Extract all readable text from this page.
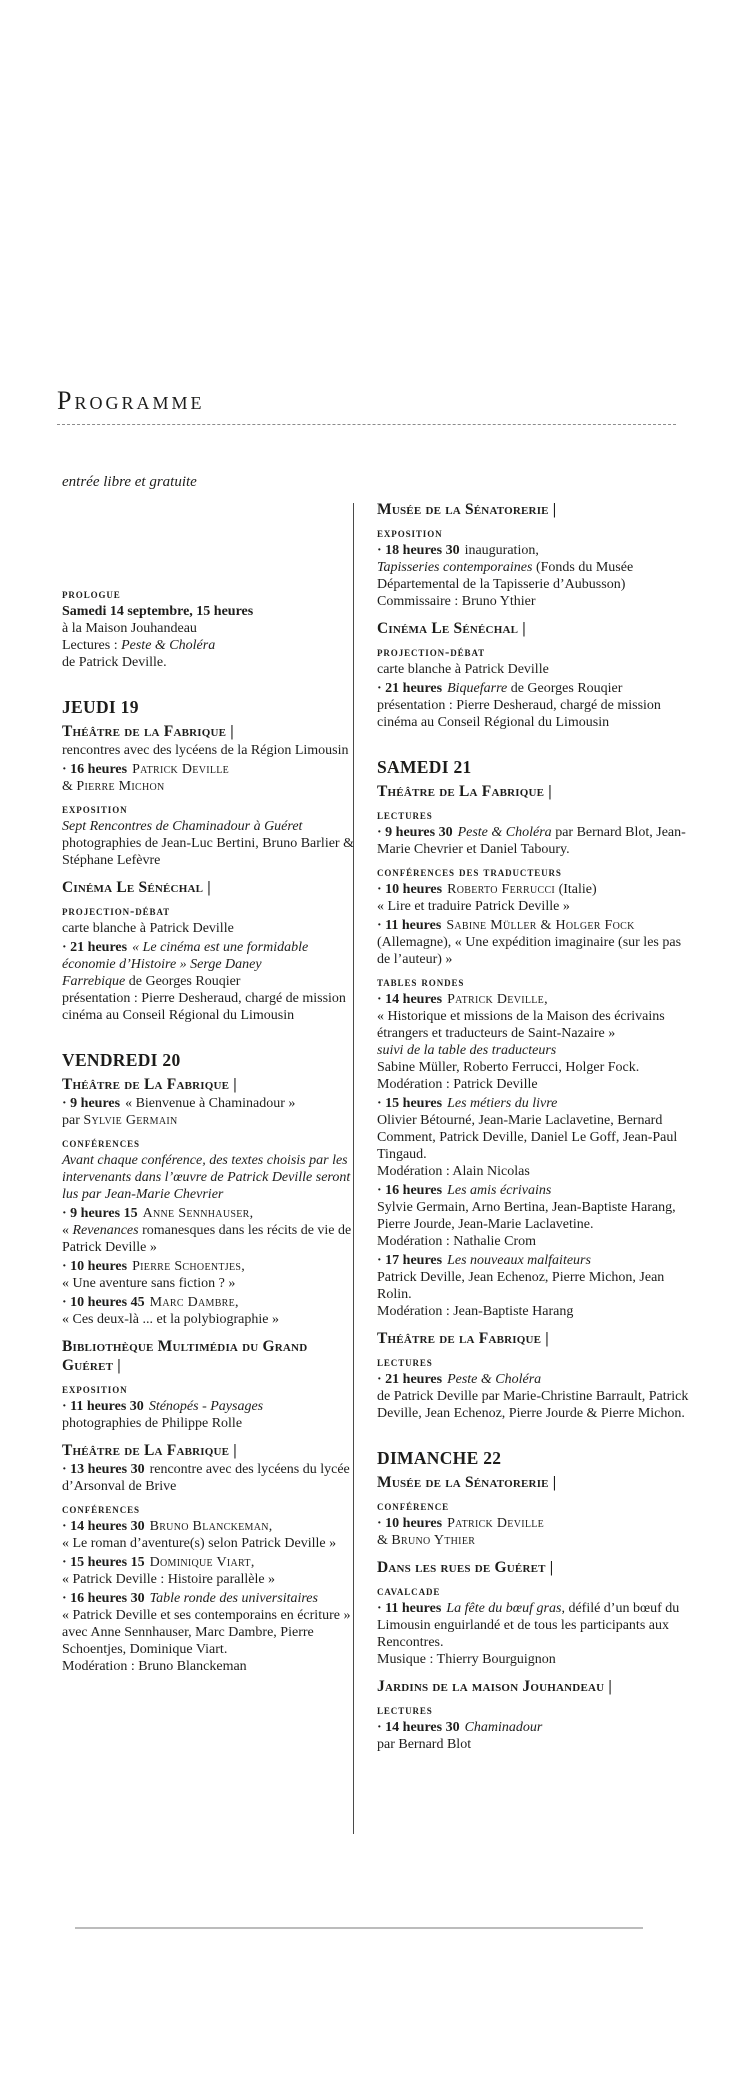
Programme
entrée libre et gratuite
prologue

Samedi 14 septembre, 15 heures
à la Maison Jouhandeau
Lectures : Peste & Choléra
de Patrick Deville.

JEUDI 19
Théâtre de la Fabrique |

rencontres avec des lycéens de la Région Limousin

· 16 heures Patrick Deville
& Pierre Michon

exposition

Sept Rencontres de Chaminadour à Guéret
photographies de Jean-Luc Bertini, Bruno Barlier & Stéphane Lefèvre

Cinéma Le Sénéchal |
projection-débat

carte blanche à Patrick Deville

· 21 heures « Le cinéma est une formidable économie d’Histoire » Serge Daney
Farrebique de Georges Rouqier
présentation : Pierre Desheraud, chargé de mission cinéma au Conseil Régional du Limousin

VENDREDI 20
Théâtre de La Fabrique |

· 9 heures « Bienvenue à Chaminadour »
par Sylvie Germain

conférences

Avant chaque conférence, des textes choisis par les intervenants dans l’œuvre de Patrick Deville seront lus par Jean-Marie Chevrier

· 9 heures 15 Anne Sennhauser,
« Revenances romanesques dans les récits de vie de Patrick Deville »

· 10 heures Pierre Schoentjes,
« Une aventure sans fiction ? »

· 10 heures 45 Marc Dambre,
« Ces deux-là ... et la polybiographie »

Bibliothèque Multimédia du Grand Guéret |
exposition

· 11 heures 30 Sténopés - Paysages
photographies de Philippe Rolle

Théâtre de La Fabrique |

· 13 heures 30 rencontre avec des lycéens du lycée d’Arsonval de Brive

conférences

· 14 heures 30 Bruno Blanckeman,
« Le roman d’aventure(s) selon Patrick Deville »

· 15 heures 15 Dominique Viart,
« Patrick Deville : Histoire parallèle »

· 16 heures 30 Table ronde des universitaires
« Patrick Deville et ses contemporains en écriture »
avec Anne Sennhauser, Marc Dambre, Pierre Schoentjes, Dominique Viart.
Modération : Bruno Blanckeman

Musée de la Sénatorerie |
exposition

· 18 heures 30 inauguration,
Tapisseries contemporaines (Fonds du Musée Départemental de la Tapisserie d’Aubusson)
Commissaire : Bruno Ythier

Cinéma Le Sénéchal |
projection-débat

carte blanche à Patrick Deville

· 21 heures Biquefarre de Georges Rouqier
présentation : Pierre Desheraud, chargé de mission cinéma au Conseil Régional du Limousin

SAMEDI 21
Théâtre de La Fabrique |
lectures

· 9 heures 30 Peste & Choléra par Bernard Blot, Jean-Marie Chevrier et Daniel Taboury.

conférences des traducteurs

· 10 heures Roberto Ferrucci (Italie)
« Lire et traduire Patrick Deville »

· 11 heures Sabine Müller & Holger Fock (Allemagne), « Une expédition imaginaire (sur les pas de l’auteur) »

tables rondes

· 14 heures Patrick Deville,
« Historique et missions de la Maison des écrivains étrangers et traducteurs de Saint-Nazaire »
suivi de la table des traducteurs
Sabine Müller, Roberto Ferrucci, Holger Fock.
Modération : Patrick Deville

· 15 heures Les métiers du livre
Olivier Bétourné, Jean-Marie Laclavetine, Bernard Comment, Patrick Deville, Daniel Le Goff, Jean-Paul Tingaud.
Modération : Alain Nicolas

· 16 heures Les amis écrivains
Sylvie Germain, Arno Bertina, Jean-Baptiste Harang, Pierre Jourde, Jean-Marie Laclavetine.
Modération : Nathalie Crom

· 17 heures Les nouveaux malfaiteurs
Patrick Deville, Jean Echenoz, Pierre Michon, Jean Rolin.
Modération : Jean-Baptiste Harang

Théâtre de la Fabrique |
lectures

· 21 heures Peste & Choléra
de Patrick Deville par Marie-Christine Barrault, Patrick Deville, Jean Echenoz, Pierre Jourde & Pierre Michon.

DIMANCHE 22
Musée de la Sénatorerie |
conférence

· 10 heures Patrick Deville
& Bruno Ythier

Dans les rues de Guéret |
cavalcade

· 11 heures La fête du bœuf gras, défilé d’un bœuf du Limousin enguirlandé et de tous les participants aux Rencontres.
Musique : Thierry Bourguignon

Jardins de la maison Jouhandeau |
lectures

· 14 heures 30 Chaminadour
par Bernard Blot
